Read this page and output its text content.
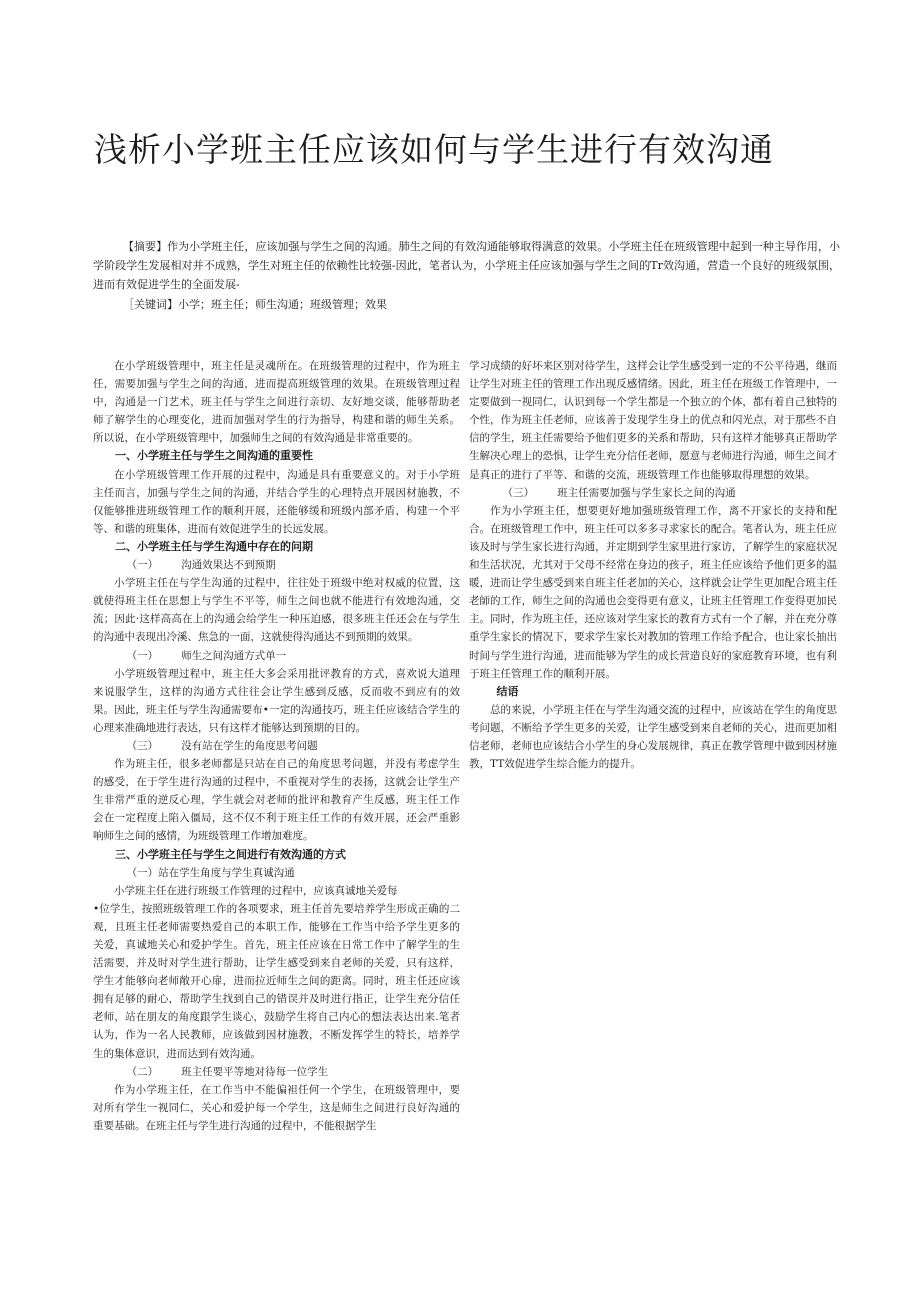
浅析小学班主任应该如何与学生进行有效沟通

【摘要】作为小学班主任，应该加强与学生之间的沟通。肺生之间的有效沟通能够取得满意的效果。小学班主任在班级管理中起到一种主导作用，小学阶段学生发展相对并不成熟，学生对班主任的依赖性比较强-因此，笔者认为，小学班主任应该加强与学生之间的Tr效沟通，营造一个良好的班级氛围，进而有效促进学生的全面发展-

［关键词】小学；班主任；师生沟通；班级管理；效果

在小学班级管理中，班主任是灵魂所在。在班级管理的过程中，作为班主任，需要加强与学生之间的沟通，进而提高班级管理的效果。在班级管理过程中，沟通是一门艺术，班主任与学生之间进行亲切、友好地交谈，能够帮助老师了解学生的心理变化，进而加强对学生的行为指导，构建和谐的师生关系。所以说，在小学班级管理中，加强师生之间的有效沟通是非常重要的。

一、小学班主任与学生之间沟通的重要性

在小学班级管理工作开展的过程中，沟通是具有重要意义的。对于小学班主任而言，加强与学生之间的沟通，并结合学生的心理特点开展因材施教，不仅能够推进班级管理工作的顺利开展，还能够缓和班级内部矛盾，构建一个平等、和谐的班集体，进而有效促进学生的长远发展。

二、小学班主任与学生沟通中存在的问期
（一） 沟通效果达不到预期

小学班主任在与学生沟通的过程中，往往处于班级中绝对权威的位置，这就使得班主任在思想上与学生不平等，师生之间也就不能进行有效地沟通，交流；因此·这样高高在上的沟通会给学生一种压迫感，很多班主任还会在与学生的沟通中表现出冷溪、焦急的一面，这就使得沟通达不到预期的效果。

（一） 师生之间沟通方式单一

小学班级管理过程中，班主任大多会采用批评教育的方式，喜欢说大道理来说服学生，这样的沟通方式往往会让学生感到反感，反而收不到应有的效果。因此，班主任与学生沟通需要布•一定的沟通技巧，班主任应该结合学生的心理来准确地进行表达，只有这样才能够达到预期的目的。

（三） 没有站在学生的角度思考问题

作为班主任，很多老师都是只站在自己的角度思考问题，并没有考虑学生的感受，在于学生进行沟通的过程中，不重视对学生的表扬，这就会让学生产生非常严重的逆反心理，学生就会对老师的批评和教育产生反感，班主任工作会在一定程度上陷入僵局，这不仅不利于班主任工作的有效开展，还会严重影响师生之间的感情，为班级管理工作增加难度。

三、小学班主任与学生之间进行有效沟通的方式
（一）站在学生角度与学生真诚沟通

小学班主任在进行班级工作管理的过程中，应该真诚地关爱每

•位学生，按照班级管理工作的各项要求，班主任首先要培养学生形成正确的二观，且班主任老师需要热爱自己的本职工作，能够在工作当中给予学生更多的关爱，真诚地关心和爱护学生。首先，班主任应该在日常工作中了解学生的生活需要，并及时对学生进行帮助，让学生感受到来自老师的关爱，只有这样，学生才能够向老师敞开心扉，进而拉近师生之间的距离。同时，班主任还应该拥有足够的耐心，帮助学生找到自己的错误并及时进行指正，让学生充分信任老师，站在朋友的角度跟学生谈心，鼓励学生将自己内心的想法表达出来.笔者认为，作为一名人民教师，应该做到因材施教，不断发挥学生的特长，培养学生的集体意识，进而达到有效沟通。

（二） 班主任要平等地对待每一位学生

作为小学班主任，在工作当中不能偏袒任何一个学生，在班级管理中，要对所有学生一视同仁，关心和爱护每一个学生，这是师生之间进行良好沟通的重要基础。在班主任与学生进行沟通的过程中，不能根据学生

学习成绩的好坏来区别对待学生，这样会让学生感受到一定的不公平待遇，继而让学生对班主任的管理工作出现反感情绪。因此，班主任在班级工作管理中，一定要做到一视同仁，认识到每一个学生都是一个独立的个体，都有着自己独特的个性，作为班主任老师，应该善于发现学生身上的优点和闪光点，对于那些不自信的学生，班主任需要给予他们更多的关系和帮助，只有这样才能够真正帮助学生解决心理上的恐惧，让学生充分信任老师，愿意与老师进行沟通，师生之间才是真正的进行了平等、和谐的交流，班级管理工作也能够取得理想的效果。

（三） 班主任需要加强与学生家长之间的沟通

作为小学班主任，想要更好地加强班级管理工作，离不开家长的支持和配合。在班级管理工作中，班主任可以多多寻求家长的配合。笔者认为，班主任应该及时与学生家长进行沟通，并定期到学生家里进行家访，了解学生的家庭状况和生活状况，尤其对于父母不经常在身边的孩子，班主任应该给予他们更多的温暖，进而让学生感受到来自班主任老加的关心，这样就会让学生更加配合班主任老師的工作，师生之间的沟通也会变得更有意义，让班主任管理工作变得更加民主。同时，作为班主任，还应该对学生家长的教育方式有一个了解，并在充分尊重学生家长的情况下，要求学生家长对教加的管理工作给予配合，也让家长抽出时间与学生进行沟通，进而能够为学生的成长营造良好的家庭教育环境，也有利于班主任管理工作的顺利开展。

结语

总的来说，小学班主任在与学生沟通交流的过程中，应该站在学生的角度思考问题，不断给予学生更多的关爱，让学生感受到来自老师的关心，进而更加相信老师，老师也应该结合小学生的身心发展规律，真正在教学管理中做到因材施教，TT效促进学生综合能力的提升。
